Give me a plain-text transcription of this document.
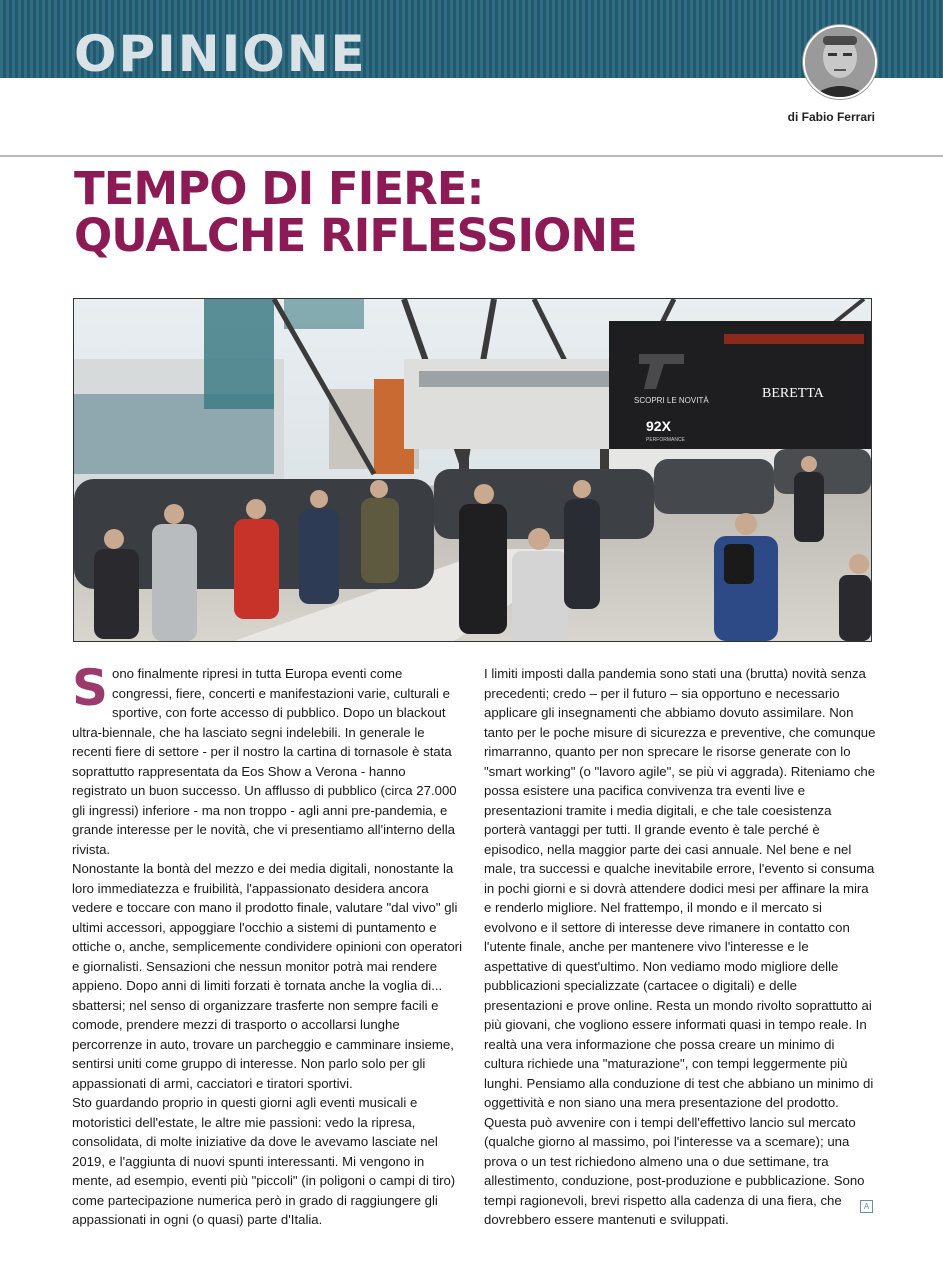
OPINIONE
di Fabio Ferrari
TEMPO DI FIERE:
QUALCHE RIFLESSIONE
SCOPRI LE NOVITÀ	BERETTA
92X
PERFORMANCE
S ono finalmente ripresi in tutta Europa eventi come congressi, fiere, concerti e manifestazioni varie, culturali e sportive, con forte accesso di pubblico. Dopo un blackout ultra-biennale, che ha lasciato segni indelebili. In generale le recenti fiere di settore - per il nostro la cartina di tornasole è stata soprattutto rappresentata da Eos Show a Verona - hanno registrato un buon successo. Un afflusso di pubblico (circa 27.000 gli ingressi) inferiore - ma non troppo - agli anni pre-pandemia, e grande interesse per le novità, che vi presentiamo all'interno della rivista.

Nonostante la bontà del mezzo e dei media digitali, nonostante la loro immediatezza e fruibilità, l'appassionato desidera ancora vedere e toccare con mano il prodotto finale, valutare "dal vivo" gli ultimi accessori, appoggiare l'occhio a sistemi di puntamento e ottiche o, anche, semplicemente condividere opinioni con operatori e giornalisti. Sensazioni che nessun monitor potrà mai rendere appieno. Dopo anni di limiti forzati è tornata anche la voglia di... sbattersi; nel senso di organizzare trasferte non sempre facili e comode, prendere mezzi di trasporto o accollarsi lunghe percorrenze in auto, trovare un parcheggio e camminare insieme, sentirsi uniti come gruppo di interesse. Non parlo solo per gli appassionati di armi, cacciatori e tiratori sportivi.

Sto guardando proprio in questi giorni agli eventi musicali e motoristici dell'estate, le altre mie passioni: vedo la ripresa, consolidata, di molte iniziative da dove le avevamo lasciate nel 2019, e l'aggiunta di nuovi spunti interessanti. Mi vengono in mente, ad esempio, eventi più "piccoli" (in poligoni o campi di tiro) come partecipazione numerica però in grado di raggiungere gli appassionati in ogni (o quasi) parte d'Italia.

I limiti imposti dalla pandemia sono stati una (brutta) novità senza precedenti; credo – per il futuro – sia opportuno e necessario applicare gli insegnamenti che abbiamo dovuto assimilare. Non tanto per le poche misure di sicurezza e preventive, che comunque rimarranno, quanto per non sprecare le risorse generate con lo "smart working" (o "lavoro agile", se più vi aggrada). Riteniamo che possa esistere una pacifica convivenza tra eventi live e presentazioni tramite i media digitali, e che tale coesistenza porterà vantaggi per tutti. Il grande evento è tale perché è episodico, nella maggior parte dei casi annuale. Nel bene e nel male, tra successi e qualche inevitabile errore, l'evento si consuma in pochi giorni e si dovrà attendere dodici mesi per affinare la mira e renderlo migliore. Nel frattempo, il mondo e il mercato si evolvono e il settore di interesse deve rimanere in contatto con l'utente finale, anche per mantenere vivo l'interesse e le aspettative di quest'ultimo. Non vediamo modo migliore delle pubblicazioni specializzate (cartacee o digitali) e delle presentazioni e prove online. Resta un mondo rivolto soprattutto ai più giovani, che vogliono essere informati quasi in tempo reale. In realtà una vera informazione che possa creare un minimo di cultura richiede una "maturazione", con tempi leggermente più lunghi. Pensiamo alla conduzione di test che abbiano un minimo di oggettività e non siano una mera presentazione del prodotto. Questa può avvenire con i tempi dell'effettivo lancio sul mercato (qualche giorno al massimo, poi l'interesse va a scemare); una prova o un test richiedono almeno una o due settimane, tra allestimento, conduzione, post-produzione e pubblicazione. Sono tempi ragionevoli, brevi rispetto alla cadenza di una fiera, che dovrebbero essere mantenuti e sviluppati.

A
